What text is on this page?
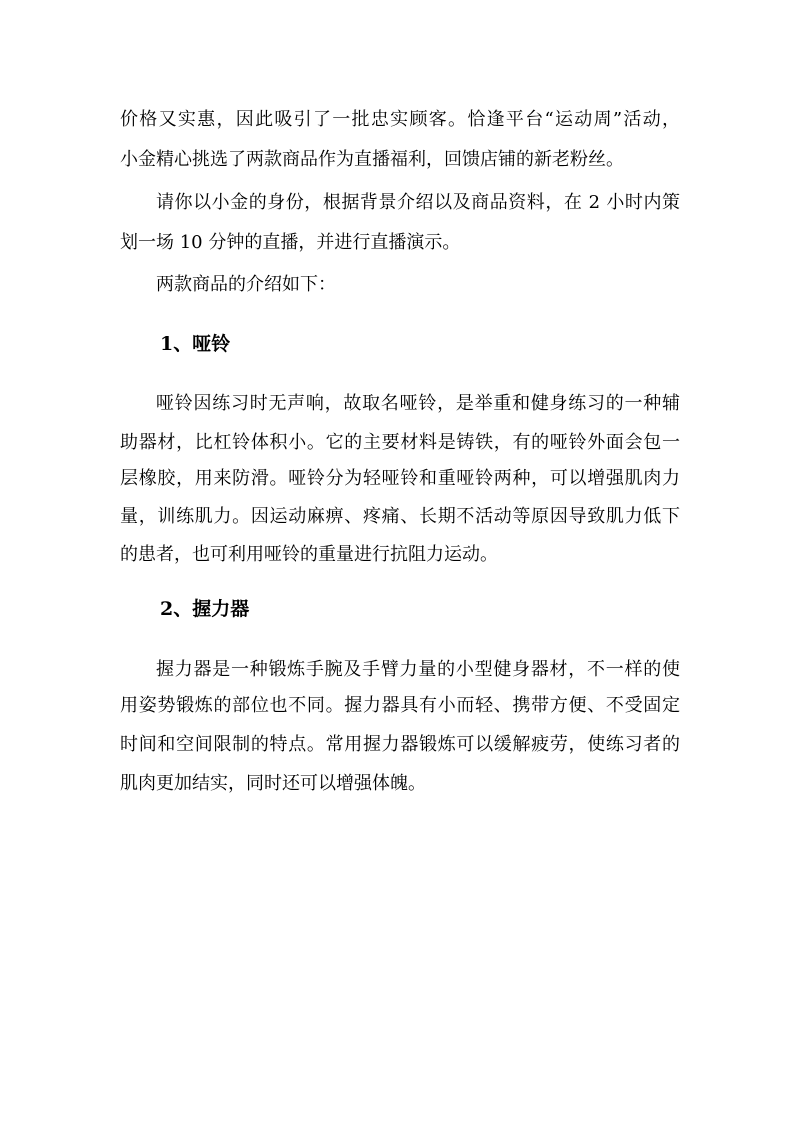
价格又实惠，因此吸引了一批忠实顾客。恰逢平台“运动周”活动，
小金精心挑选了两款商品作为直播福利，回馈店铺的新老粉丝。
请你以小金的身份，根据背景介绍以及商品资料，在 2 小时内策
划一场 10 分钟的直播，并进行直播演示。
两款商品的介绍如下：
1、哑铃
哑铃因练习时无声响，故取名哑铃，是举重和健身练习的一种辅
助器材，比杠铃体积小。它的主要材料是铸铁，有的哑铃外面会包一
层橡胶，用来防滑。哑铃分为轻哑铃和重哑铃两种，可以增强肌肉力
量，训练肌力。因运动麻痹、疼痛、长期不活动等原因导致肌力低下
的患者，也可利用哑铃的重量进行抗阻力运动。
2、握力器
握力器是一种锻炼手腕及手臂力量的小型健身器材，不一样的使
用姿势锻炼的部位也不同。握力器具有小而轻、携带方便、不受固定
时间和空间限制的特点。常用握力器锻炼可以缓解疲劳，使练习者的
肌肉更加结实，同时还可以增强体魄。
